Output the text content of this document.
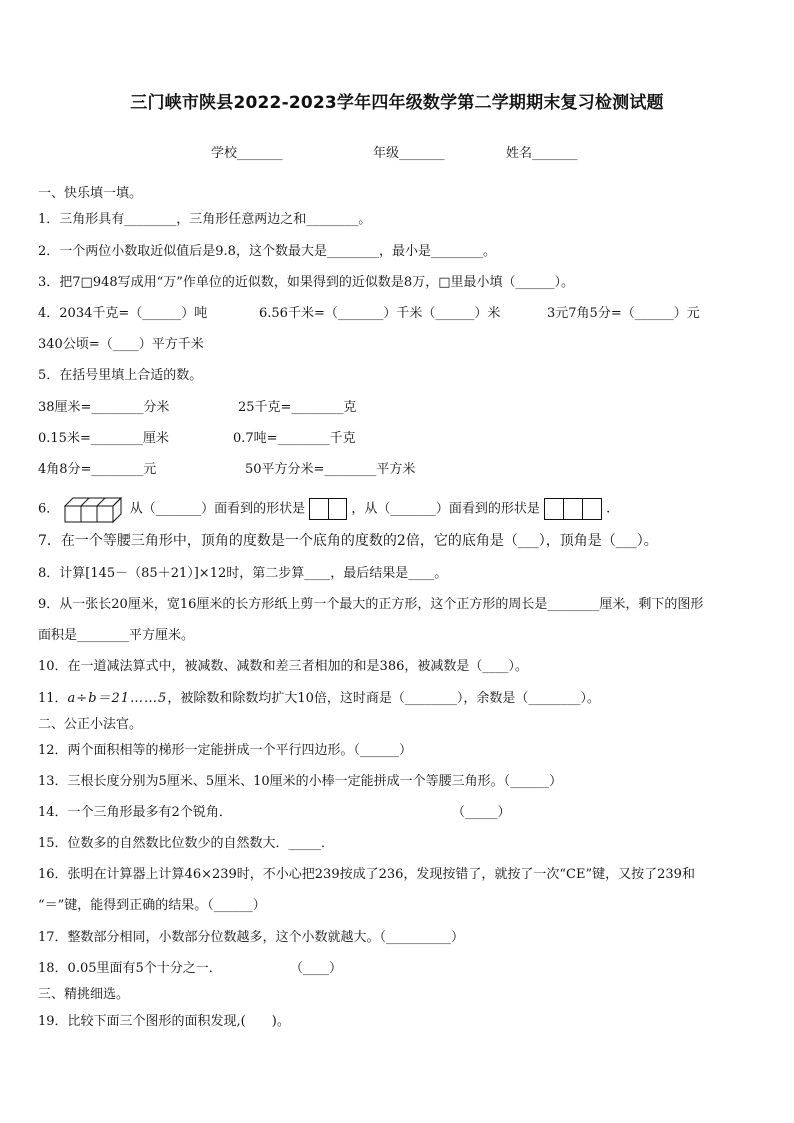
三门峡市陕县2022-2023学年四年级数学第二学期期末复习检测试题
学校_______	年级_______	姓名_______
一、快乐填一填。
1．三角形具有________，三角形任意两边之和________。
2．一个两位小数取近似值后是9.8，这个数最大是________，最小是________。
3．把7□948写成用“万”作单位的近似数，如果得到的近似数是8万，□里最小填（______）。
4．2034千克=（______）吨	6.56千米=（_______）千米（______）米	3元7角5分=（______）元
340公顷=（____）平方千米
5．在括号里填上合适的数。
38厘米=________分米	25千克=________克
0.15米=________厘米	0.7吨=________千克
4角8分=________元	50平方分米=________平方米
6．	从（_______）面看到的形状是	，从（_______）面看到的形状是	.
7．在一个等腰三角形中，顶角的度数是一个底角的度数的2倍，它的底角是（___），顶角是（___）。
8．计算[145－（85＋21）]×12时，第二步算____，最后结果是____。
9．从一张长20厘米，宽16厘米的长方形纸上剪一个最大的正方形，这个正方形的周长是________厘米，剩下的图形
面积是________平方厘米。
10．在一道减法算式中，被减数、减数和差三者相加的和是386，被减数是（____）。
11．a÷b＝21……5，被除数和除数均扩大10倍，这时商是（________），余数是（________）。
二、公正小法官。
12．两个面积相等的梯形一定能拼成一个平行四边形。（______）
13．三根长度分别为5厘米、5厘米、10厘米的小棒一定能拼成一个等腰三角形。（______）
14．一个三角形最多有2个锐角．	（_____）
15．位数多的自然数比位数少的自然数大．_____．
16．张明在计算器上计算46×239时，不小心把239按成了236，发现按错了，就按了一次“CE”键，又按了239和
“＝”键，能得到正确的结果。（______）
17．整数部分相同，小数部分位数越多，这个小数就越大。（__________）
18．0.05里面有5个十分之一．	（____）
三、精挑细选。
19．比较下面三个图形的面积发现,(　　)。
